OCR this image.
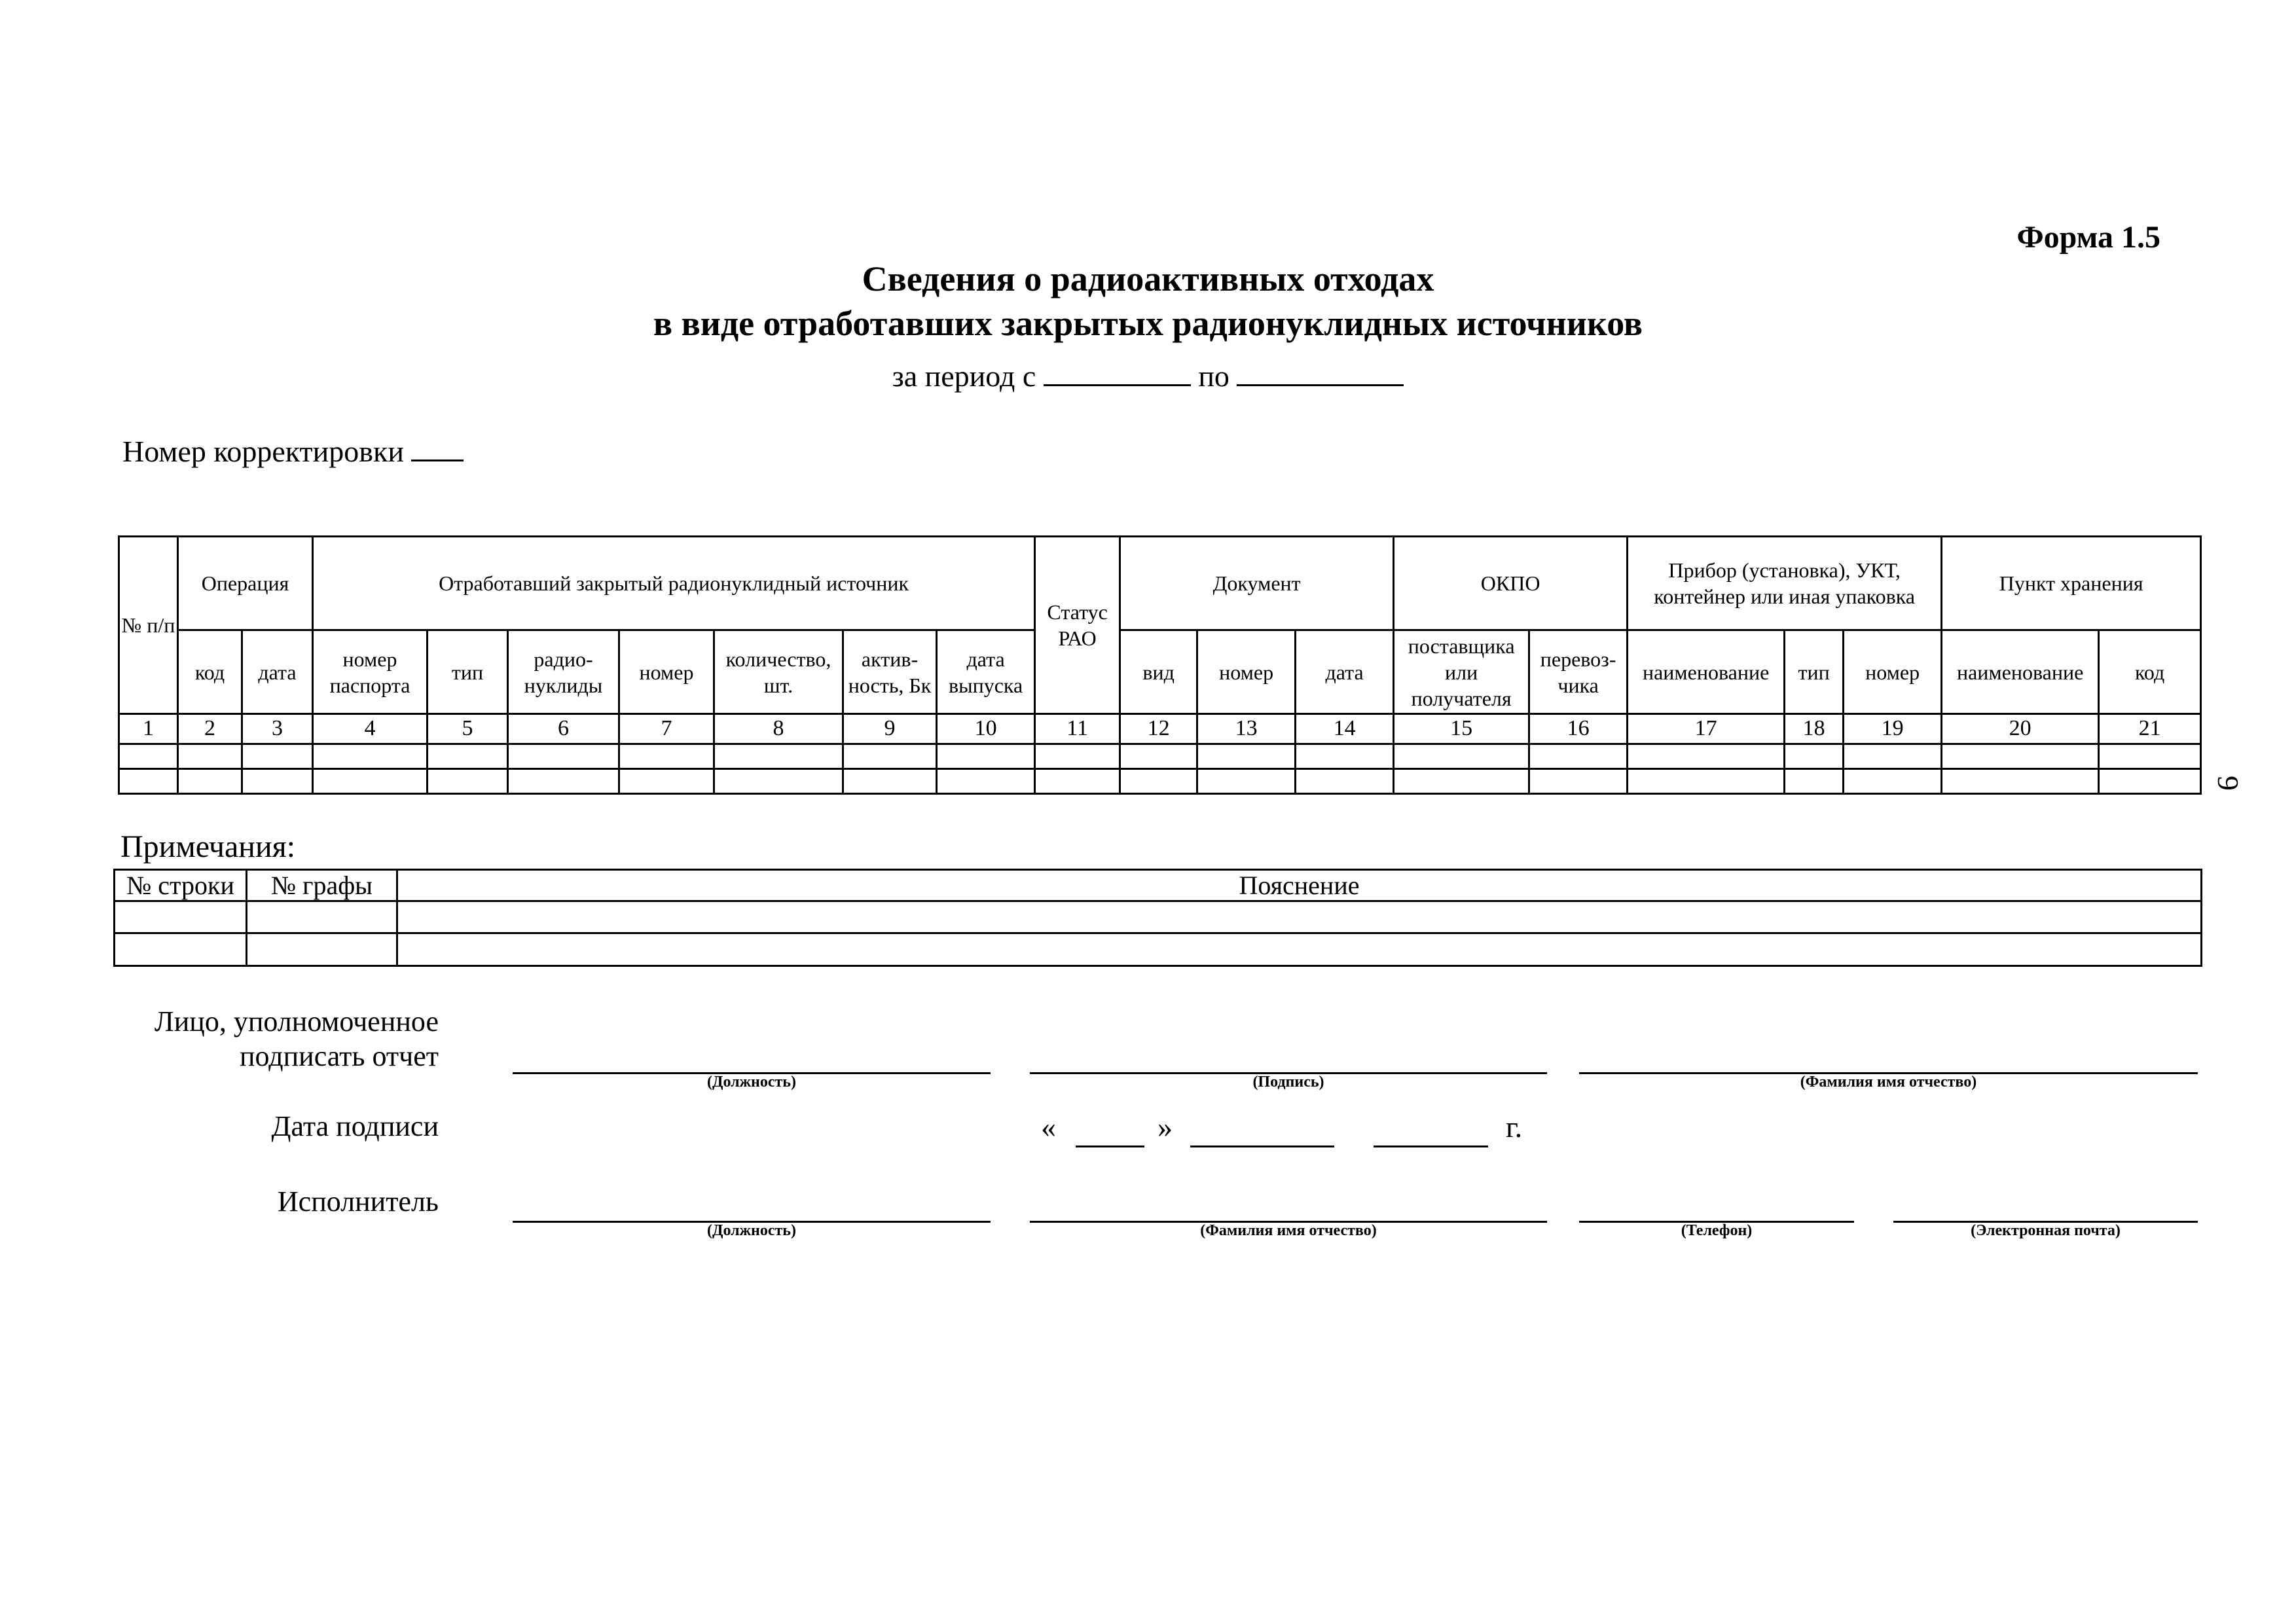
Форма 1.5
Сведения о радиоактивных отходах
в виде отработавших закрытых радионуклидных источников
за период с	по
Номер корректировки
9
№ п/п	Операция		Отработавший закрытый радионуклидный источник							Статус РАО	Документ			ОКПО		Прибор (установка), УКТ, контейнер или иная упаковка			Пункт хранения	
	код	дата	номер паспорта	тип	радио-нуклиды	номер	количество, шт.	актив-ность, Бк	дата выпуска		вид	номер	дата	поставщика или получателя	перевоз-чика	наименование	тип	номер	наименование	код
1	2	3	4	5	6	7	8	9	10	11	12	13	14	15	16	17	18	19	20	21

Примечания:
№ строки	№ графы	Пояснение

Лицо, уполномоченное подписать отчет
(Должность)	(Подпись)	(Фамилия имя отчество)
Дата подписи	«	»	г.
Исполнитель
(Должность)	(Фамилия имя отчество)	(Телефон)	(Электронная почта)
